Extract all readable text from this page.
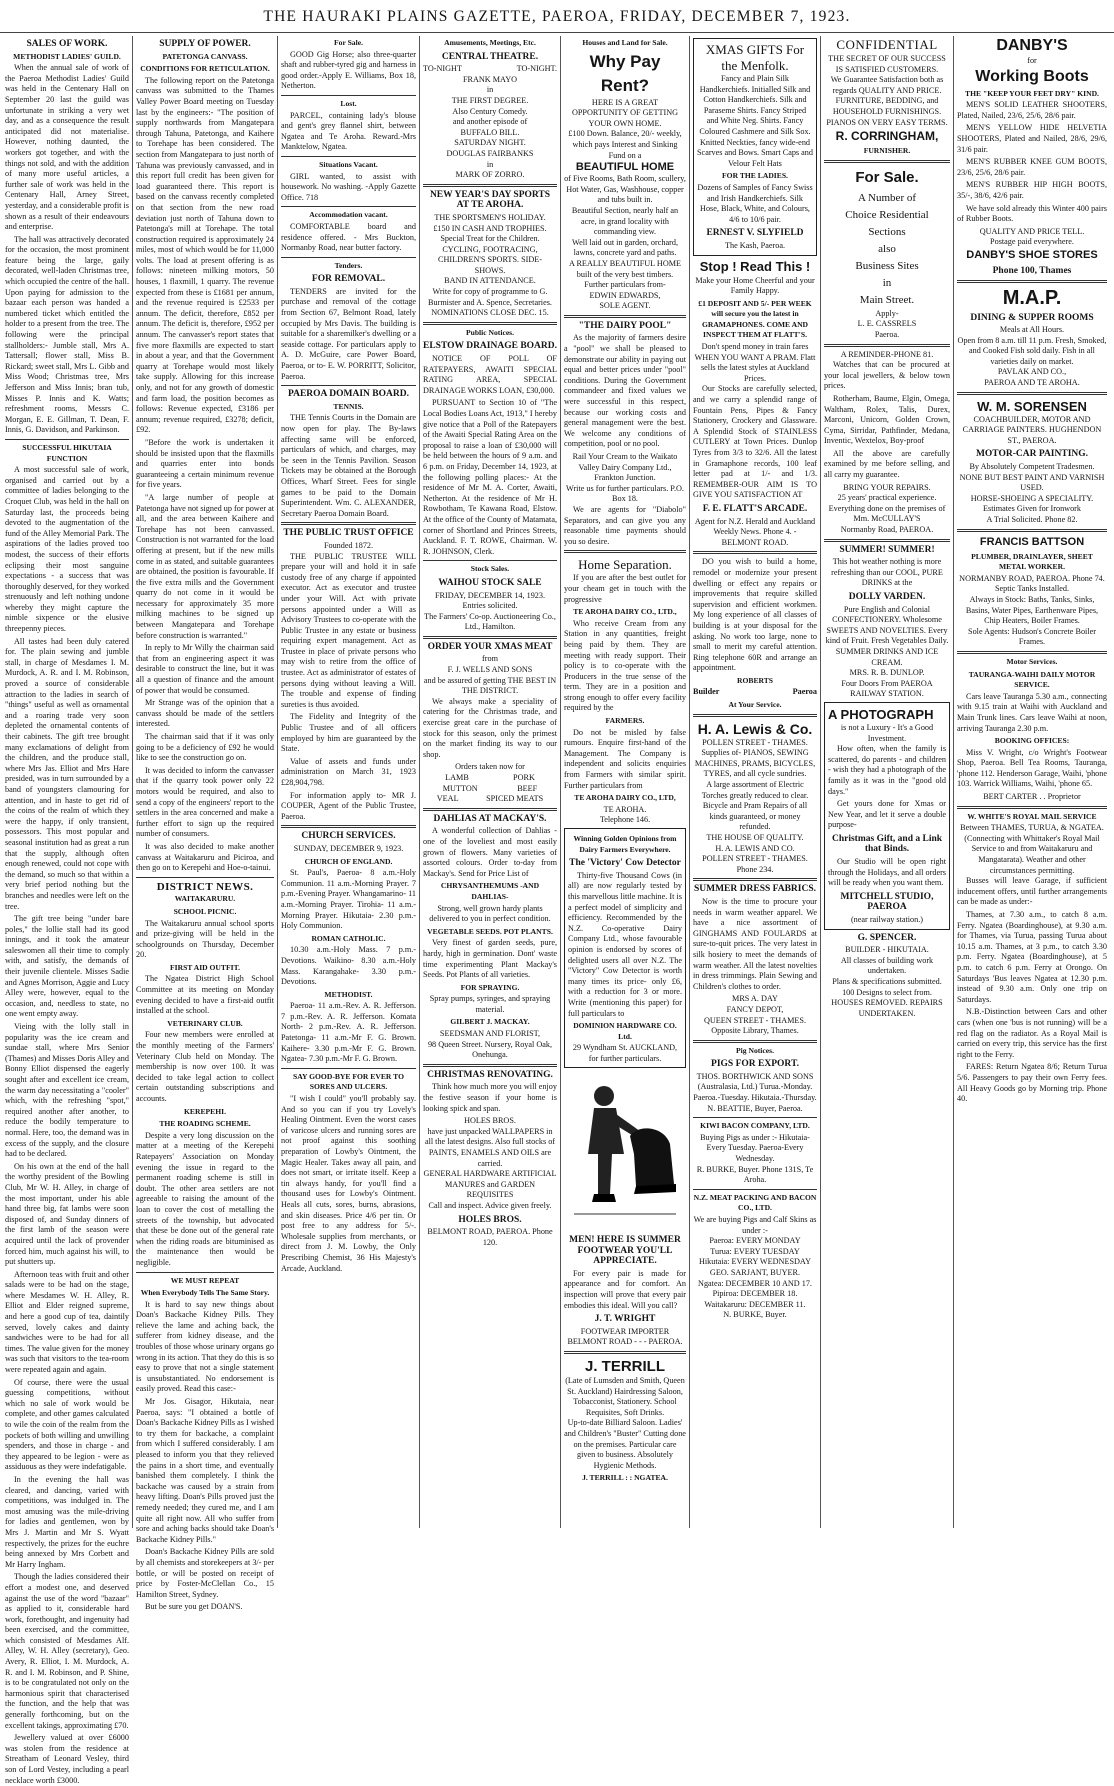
THE HAURAKI PLAINS GAZETTE, PAEROA, FRIDAY, DECEMBER 7, 1923.
SALES OF WORK.
METHODIST LADIES' GUILD.

When the annual sale of work of the Paeroa Methodist Ladies' Guild was held in the Centenary Hall on September 20 last the guild was unfortunate in striking a very wet day, and as a consequence the result anticipated did not materialise. However, nothing daunted, the workers got together, and with the things not sold, and with the addition of many more useful articles, a further sale of work was held in the Centenary Hall, Arney Street, yesterday, and a considerable profit is shown as a result of their endeavours and enterprise.

The hall was attractively decorated for the occasion, the most prominent feature being the large, gaily decorated, well-laden Christmas tree, which occupied the centre of the hall. Upon paying for admission to the bazaar each person was handed a numbered ticket which entitled the holder to a present from the tree. The following were the principal stallholders:- Jumble stall, Mrs A. Tattersall; flower stall, Miss B. Rickard; sweet stall, Mrs L. Gibb and Miss Wood; Christmas tree, Mrs Jefferson and Miss Innis; bran tub, Misses P. Innis and K. Watts; refreshment rooms, Messrs C. Morgan, E. E. Gillman, T. Dean, F. Innis, G. Davidson, and Parkinson.

SUCCESSFUL HIKUTAIA FUNCTION

A most successful sale of work, organised and carried out by a committee of ladies belonging to the Croquet Club, was held in the hall on Saturday last, the proceeds being devoted to the augmentation of the fund of the Alley Memorial Park. The aspirations of the ladies proved too modest, the success of their efforts eclipsing their most sanguine expectations - a success that was thoroughly deserved, for they worked strenuously and left nothing undone whereby they might capture the nimble sixpence or the elusive threepenny pieces.

All tastes had been duly catered for. The plain sewing and jumble stall, in charge of Mesdames I. M. Murdock, A. R. and I. M. Robinson, proved a source of considerable attraction to the ladies in search of "things" useful as well as ornamental and a roaring trade very soon depleted the ornamental contents of their cabinets. The gift tree brought many exclamations of delight from the children, and the produce stall, where Mrs Jas. Elliot and Mrs Hare presided, was in turn surrounded by a band of youngsters clamouring for attention, and in haste to get rid of the coins of the realm of which they were the happy, if only transient, possessors. This most popular and seasonal institution had as great a run that the supply, although often enough renewed, could not cope with the demand, so much so that within a very brief period nothing but the branches and needles were left on the tree.

The gift tree being "under bare poles," the lollie stall had its good innings, and it took the amateur saleswomen all their time to comply with, and satisfy, the demands of their juvenile clientele. Misses Sadie and Agnes Morrison, Aggie and Lucy Alley were, however, equal to the occasion, and, needless to state, no one went empty away.

Vieing with the lolly stall in popularity was the ice cream and sundae stall, where Mrs Senior (Thames) and Misses Doris Alley and Bonny Elliot dispensed the eagerly sought after and excellent ice cream, the warm day necessitating a "cooler" which, with the refreshing "spot," required another after another, to reduce the bodily temperature to normal. Here, too, the demand was in excess of the supply, and the closure had to be declared.

On his own at the end of the hall the worthy president of the Bowling Club, Mr W. H. Alley, in charge of the most important, under his able hand three big, fat lambs were soon disposed of, and Sunday dinners of the first lamb of the season were acquired until the lack of provender forced him, much against his will, to put shutters up.

Afternoon teas with fruit and other salads were to be had on the stage, where Mesdames W. H. Alley, R. Elliot and Elder reigned supreme, and here a good cup of tea, daintily served, lovely cakes and dainty sandwiches were to be had for all times. The value given for the money was such that visitors to the tea-room were repeated again and again.

Of course, there were the usual guessing competitions, without which no sale of work would be complete, and other games calculated to wile the coin of the realm from the pockets of both willing and unwilling spenders, and those in charge - and they appeared to be legion - were as assiduous as they were indefatigable.

In the evening the hall was cleared, and dancing, varied with competitions, was indulged in. The most amusing was the mile-driving for ladies and gentlemen, won by Mrs J. Martin and Mr S. Wyatt respectively, the prizes for the euchre being annexed by Mrs Corbett and Mr Harry Ingham.

Though the ladies considered their effort a modest one, and deserved against the use of the word "bazaar" as applied to it, considerable hard work, forethought, and ingenuity had been exercised, and the committee, which consisted of Mesdames Alf. Alley, W. H. Alley (secretary), Geo. Avery, R. Elliot, I. M. Murdock, A. R. and I. M. Robinson, and P. Shine, is to be congratulated not only on the harmonious spirit that characterised the function, and the help that was generally forthcoming, but on the excellent takings, approximating £70.

Jewellery valued at over £6000 was stolen from the residence at Streatham of Leonard Vesley, third son of Lord Vestey, including a pearl necklace worth £3000.

SUPPLY OF POWER.
PATETONGA CANVASS.
CONDITIONS FOR RETICULATION.

The following report on the Patetonga canvass was submitted to the Thames Valley Power Board meeting on Tuesday last by the engineers:- "The position of supply northwards from Mangatepara through Tahuna, Patetonga, and Kaihere to Torehape has been considered. The section from Mangatepara to just north of Tahuna was previously canvassed, and in this report full credit has been given for load guaranteed there. This report is based on the canvass recently completed on that section from the new road deviation just north of Tahuna down to Patetonga's mill at Torehape. The total construction required is approximately 24 miles, most of which would be for 11,000 volts. The load at present offering is as follows: nineteen milking motors, 50 houses, 1 flaxmill, 1 quarry. The revenue expected from these is £1681 per annum, and the revenue required is £2533 per annum. The deficit, therefore, £852 per annum. The deficit is, therefore, £952 per annum. The canvasser's report states that five more flaxmills are expected to start in about a year, and that the Government quarry at Torehape would most likely take supply. Allowing for this increase only, and not for any growth of domestic and farm load, the position becomes as follows: Revenue expected, £3186 per annum; revenue required, £3278; deficit, £92.

"Before the work is undertaken it should be insisted upon that the flaxmills and quarries enter into bonds guaranteeing a certain minimum revenue for five years.

"A large number of people at Patetonga have not signed up for power at all, and the area between Kaihere and Torehape has not been canvassed. Construction is not warranted for the load offering at present, but if the new mills come in as stated, and suitable guarantees are obtained, the position is favourable. If the five extra mills and the Government quarry do not come in it would be necessary for approximately 35 more milking machines to be signed up between Mangatepara and Torehape before construction is warranted."

In reply to Mr Willy the chairman said that from an engineering aspect it was desirable to construct the line, but it was all a question of finance and the amount of power that would be consumed.

Mr Strange was of the opinion that a canvass should be made of the settlers interested.

The chairman said that if it was only going to be a deficiency of £92 he would like to see the construction go on.

It was decided to inform the canvasser that if the quarry took power only 22 motors would be required, and also to send a copy of the engineers' report to the settlers in the area concerned and make a further effort to sign up the required number of consumers.

It was also decided to make another canvass at Waitakaruru and Piciroa, and then go on to Kerepehi and Hoe-o-tainui.

DISTRICT NEWS.
WAITAKARURU.
SCHOOL PICNIC.

The Waitakaruru annual school sports and prize-giving will be held in the schoolgrounds on Thursday, December 20.

FIRST AID OUTFIT.

The Ngatea District High School Committee at its meeting on Monday evening decided to have a first-aid outfit installed at the school.

VETERINARY CLUB.

Four new members were enrolled at the monthly meeting of the Farmers' Veterinary Club held on Monday. The membership is now over 100. It was decided to take legal action to collect certain outstanding subscriptions and accounts.

KEREPEHI.
THE ROADING SCHEME.

Despite a very long discussion on the matter at a meeting of the Kerepehi Ratepayers' Association on Monday evening the issue in regard to the permanent roading scheme is still in doubt. The other area settlers are not agreeable to raising the amount of the loan to cover the cost of metalling the streets of the township, but advocated that these be done out of the general rate when the riding roads are bituminised as the maintenance then would be negligible.

WE MUST REPEAT
When Everybody Tells The Same Story.

It is hard to say new things about Doan's Backache Kidney Pills. They relieve the lame and aching back, the sufferer from kidney disease, and the troubles of those whose urinary organs go wrong in its action. That they do this is so easy to prove that not a single statement is unsubstantiated. No endorsement is easily proved. Read this case:-

Mr Jos. Gisagor, Hikutaia, near Paeroa, says: "I obtained a bottle of Doan's Backache Kidney Pills as I wished to try them for backache, a complaint from which I suffered considerably. I am pleased to inform you that they relieved the pains in a short time, and eventually banished them completely. I think the backache was caused by a strain from heavy lifting. Doan's Pills proved just the remedy needed; they cured me, and I am quite all right now. All who suffer from sore and aching backs should take Doan's Backache Kidney Pills."

Doan's Backache Kidney Pills are sold by all chemists and storekeepers at 3/- per bottle, or will be posted on receipt of price by Foster-McClellan Co., 15 Hamilton Street, Sydney.

But be sure you get DOAN'S.

For Sale.

GOOD Gig Horse; also three-quarter shaft and rubber-tyred gig and harness in good order.-Apply E. Williams, Box 18, Netherton.

Lost.

PARCEL, containing lady's blouse and gent's grey flannel shirt, between Ngatea and Te Aroha. Reward.-Mrs Manktelow, Ngatea.

Situations Vacant.

GIRL wanted, to assist with housework. No washing. -Apply Gazette Office. 718

Accommodation vacant.

COMFORTABLE board and residence offered. - Mrs Buckton, Normanby Road, near butter factory.

Tenders.
FOR REMOVAL.

TENDERS are invited for the purchase and removal of the cottage from Section 67, Belmont Road, lately occupied by Mrs Davis. The building is suitable for a sharemilker's dwelling or a seaside cottage. For particulars apply to A. D. McGuire, care Power Board, Paeroa, or to- E. W. PORRITT, Solicitor, Paeroa.

PAEROA DOMAIN BOARD.
TENNIS.

THE Tennis Courts in the Domain are now open for play. The By-laws affecting same will be enforced, particulars of which, and charges, may be seen in the Tennis Pavilion. Season Tickets may be obtained at the Borough Offices, Wharf Street. Fees for single games to be paid to the Domain Superintendent. Wm. C. ALEXANDER, Secretary Paeroa Domain Board.

THE PUBLIC TRUST OFFICE
Founded 1872.

THE PUBLIC TRUSTEE WILL prepare your will and hold it in safe custody free of any charge if appointed executor. Act as executor and trustee under your Will. Act with private persons appointed under a Will as Advisory Trustees to co-operate with the Public Trustee in any estate or business requiring expert management. Act as Trustee in place of private persons who may wish to retire from the office of trustee. Act as administrator of estates of persons dying without leaving a Will. The trouble and expense of finding sureties is thus avoided.

The Fidelity and Integrity of the Public Trustee and of all officers employed by him are guaranteed by the State.

Value of assets and funds under administration on March 31, 1923 £28,904,798.

For information apply to- MR J. COUPER, Agent of the Public Trustee, Paeroa.

CHURCH SERVICES.
SUNDAY, DECEMBER 9, 1923.
CHURCH OF ENGLAND.

St. Paul's, Paeroa- 8 a.m.-Holy Communion. 11 a.m.-Morning Prayer. 7 p.m.-Evening Prayer. Whangamarino- 11 a.m.-Morning Prayer. Tirohia- 11 a.m.-Morning Prayer. Hikutaia- 2.30 p.m.-Holy Communion.

ROMAN CATHOLIC.

10.30 a.m.-Holy Mass. 7 p.m.-Devotions. Waikino- 8.30 a.m.-Holy Mass. Karangahake- 3.30 p.m.-Devotions.

METHODIST.

Paeroa- 11 a.m.-Rev. A. R. Jefferson. 7 p.m.-Rev. A. R. Jefferson. Komata North- 2 p.m.-Rev. A. R. Jefferson. Patetonga- 11 a.m.-Mr F. G. Brown. Kaihere- 3.30 p.m.-Mr F. G. Brown. Ngatea- 7.30 p.m.-Mr F. G. Brown.

SAY GOOD-BYE FOR EVER TO SORES AND ULCERS.

"I wish I could" you'll probably say. And so you can if you try Lovely's Healing Ointment. Even the worst cases of varicose ulcers and running sores are not proof against this soothing preparation of Lowby's Ointment, the Magic Healer. Takes away all pain, and does not smart, or irritate itself. Keep a tin always handy, for you'll find a thousand uses for Lowby's Ointment. Heals all cuts, sores, burns, abrasions, and skin diseases. Price 4/6 per tin. Or post free to any address for 5/-. Wholesale supplies from merchants, or direct from J. M. Lowby, the Only Prescribing Chemist, 36 His Majesty's Arcade, Auckland.

Amusements, Meetings, Etc.
CENTRAL THEATRE.
TO-NIGHT	TO-NIGHT.
FRANK MAYO
in
THE FIRST DEGREE.
Also Century Comedy.
and another episode of
BUFFALO BILL.
SATURDAY NIGHT.
DOUGLAS FAIRBANKS
in
MARK OF ZORRO.
NEW YEAR'S DAY SPORTS AT TE AROHA.
THE SPORTSMEN'S HOLIDAY.
£150 IN CASH AND TROPHIES.
Special Treat for the Children.
CYCLING, FOOTRACING, CHILDREN'S SPORTS. SIDE-SHOWS.
BAND IN ATTENDANCE.
Write for copy of programme to G. Burmister and A. Spence, Secretaries.
NOMINATIONS CLOSE DEC. 15.
Public Notices.
ELSTOW DRAINAGE BOARD.

NOTICE OF POLL OF RATEPAYERS, AWAITI SPECIAL RATING AREA, SPECIAL DRAINAGE WORKS LOAN, £30,000.

PURSUANT to Section 10 of "The Local Bodies Loans Act, 1913," I hereby give notice that a Poll of the Ratepayers of the Awaiti Special Rating Area on the proposal to raise a loan of £30,000 will be held between the hours of 9 a.m. and 6 p.m. on Friday, December 14, 1923, at the following polling places:- At the residence of Mr M. A. Corter, Awaiti, Netherton. At the residence of Mr H. Rowbotham, Te Kawana Road, Elstow. At the office of the County of Matamata, corner of Shortland and Princes Streets, Auckland. F. T. ROWE, Chairman. W. R. JOHNSON, Clerk.

Stock Sales.
WAIHOU STOCK SALE
FRIDAY, DECEMBER 14, 1923.
Entries solicited.
The Farmers' Co-op. Auctioneering Co., Ltd., Hamilton.
ORDER YOUR XMAS MEAT
from
F. J. WELLS AND SONS
and be assured of getting THE BEST IN THE DISTRICT.

We always make a speciality of catering for the Christmas trade, and exercise great care in the purchase of stock for this season, only the primest on the market finding its way to our shop.

Orders taken now for
LAMB	PORK
MUTTON	BEEF
VEAL	SPICED MEATS
DAHLIAS AT MACKAY'S.

A wonderful collection of Dahlias -one of the loveliest and most easily grown of flowers. Many varieties of assorted colours. Order to-day from Mackay's. Send for Price List of

CHRYSANTHEMUMS -AND DAHLIAS-
Strong, well grown hardy plants delivered to you in perfect condition.
VEGETABLE SEEDS. POT PLANTS.

Very finest of garden seeds, pure, hardy, high in germination. Dont' waste time experimenting Plant Mackay's Seeds. Pot Plants of all varieties.

FOR SPRAYING.
Spray pumps, syringes, and spraying material.
GILBERT J. MACKAY.
SEEDSMAN AND FLORIST,
98 Queen Street. Nursery, Royal Oak, Onehunga.
CHRISTMAS RENOVATING.

Think how much more you will enjoy the festive season if your home is looking spick and span.

HOLES BROS.
have just unpacked WALLPAPERS in all the latest designs. Also full stocks of PAINTS, ENAMELS AND OILS are carried.
GENERAL HARDWARE ARTIFICIAL MANURES and GARDEN REQUISITES
Call and inspect. Advice given freely.
HOLES BROS.
BELMONT ROAD, PAEROA. Phone 120.
Houses and Land for Sale.
Why Pay Rent?
HERE IS A GREAT OPPORTUNITY OF GETTING YOUR OWN HOME.
£100 Down. Balance, 20/- weekly, which pays Interest and Sinking Fund on a
BEAUTIFUL HOME
of Five Rooms, Bath Room, scullery, Hot Water, Gas, Washhouse, copper and tubs built in.
Beautiful Section, nearly half an acre, in grand locality with commanding view.
Well laid out in garden, orchard, lawns, concrete yard and paths.
A REALLY BEAUTIFUL HOME built of the very best timbers.
Further particulars from-
EDWIN EDWARDS,
SOLE AGENT.
"THE DAIRY POOL"

As the majority of farmers desire a "pool" we shall be pleased to demonstrate our ability in paying out equal and better prices under "pool" conditions. During the Government commandeer and fixed values we were successful in this respect, because our working costs and general management were the best. We welcome any conditions of competition, pool or no pool.

Rail Your Cream to the Waikato Valley Dairy Company Ltd., Frankton Junction.
Write us for further particulars. P.O. Box 18.

We are agents for "Diabolo" Separators, and can give you any reasonable time payments should you so desire.

Home Separation.

If you are after the best outlet for your cheam get in touch with the progressive

TE AROHA DAIRY CO., LTD.,

Who receive Cream from any Station in any quantities, freight being paid by them. They are meeting with ready support. Their policy is to co-operate with the Producers in the true sense of the term. They are in a position and strong enough to offer every facility required by the

FARMERS.

Do not be misled by false rumours. Enquire first-hand of the Management. The Company is independent and solicits enquiries from Farmers with similar spirit. Further particulars from

TE AROHA DAIRY CO., LTD,
TE AROHA.
Telephone 146.
Winning Golden Opinions from Dairy Farmers Everywhere.
The 'Victory' Cow Detector

Thirty-five Thousand Cows (in all) are now regularly tested by this marvellous little machine. It is a perfect model of simplicity and efficiency. Recommended by the N.Z. Co-operative Dairy Company Ltd., whose favourable opinion is endorsed by scores of delighted users all over N.Z. The "Victory" Cow Detector is worth many times its price- only £6, with a reduction for 3 or more. Write (mentioning this paper) for full particulars to

DOMINION HARDWARE CO. Ltd.
29 Wyndham St. AUCKLAND, for further particulars.
MEN! HERE IS SUMMER FOOTWEAR YOU'LL APPRECIATE.

For every pair is made for appearance and for comfort. An inspection will prove that every pair embodies this ideal. Will you call?

J. T. WRIGHT
FOOTWEAR IMPORTER
BELMONT ROAD - - - PAEROA.
J. TERRILL
(Late of Lumsden and Smith, Queen St. Auckland) Hairdressing Saloon, Tobacconist, Stationery. School Requisites, Soft Drinks.
Up-to-date Billiard Saloon. Ladies' and Children's "Buster" Cutting done on the premises. Particular care given to business. Absolutely Hygienic Methods.
J. TERRILL : : NGATEA.
XMAS GIFTS For the Menfolk.
Fancy and Plain Silk Handkerchiefs. Initialled Silk and Cotton Handkerchiefs. Silk and Paraseme Shirts. Fancy Striped and White Neg. Shirts. Fancy Coloured Cashmere and Silk Sox. Knitted Neckties, fancy wide-end Scarves and Bows. Smart Caps and Velour Felt Hats
FOR THE LADIES.
Dozens of Samples of Fancy Swiss and Irish Handkerchiefs. Silk Hose, Black, White, and Colours, 4/6 to 10/6 pair.
ERNEST V. SLYFIELD
The Kash, Paeroa.
Stop ! Read This !
Make your Home Cheerful and your Family Happy.
£1 DEPOSIT AND 5/- PER WEEK will secure you the latest in GRAMAPHONES. COME AND INSPECT THEM AT FLATT'S.
Don't spend money in train fares WHEN YOU WANT A PRAM. Flatt sells the latest styles at Auckland Prices.

Our Stocks are carefully selected, and we carry a splendid range of Fountain Pens, Pipes & Fancy Stationery, Crockery and Glassware. A Splendid Stock of STAINLESS CUTLERY at Town Prices. Dunlop Tyres from 3/3 to 32/6. All the latest in Gramaphone records, 100 leaf letter pad at 1/- and 1/3. REMEMBER-OUR AIM IS TO GIVE YOU SATISFACTION AT

F. E. FLATT'S ARCADE.
Agent for N.Z. Herald and Auckland Weekly News. Phone 4. - BELMONT ROAD.

DO you wish to build a home, remodel or modernize your present dwelling or effect any repairs or improvements that require skilled supervision and efficient workmen. My long experience of all classes of building is at your disposal for the asking. No work too large, none to small to merit my careful attention. Ring telephone 60R and arrange an appointment.

ROBERTS
Builder	Paeroa
At Your Service.
H. A. Lewis & Co.
POLLEN STREET - THAMES.
Supplies of- PIANOS, SEWING MACHINES, PRAMS, BICYCLES, TYRES, and all cycle sundries.
A large assortment of Electric Torches greatly reduced to clear.
Bicycle and Pram Repairs of all kinds guaranteed, or money refunded.
THE HOUSE OF QUALITY.
H. A. LEWIS AND CO.
POLLEN STREET - THAMES.
Phone 234.
SUMMER DRESS FABRICS.

Now is the time to procure your needs in warm weather apparel. We have a nice assortment of GINGHAMS AND FOULARDS at sure-to-quit prices. The very latest in silk hosiery to meet the demands of warm weather. All the latest novelties in dress trimmings. Plain Sewing and Children's clothes to order.

MRS A. DAY
FANCY DEPOT,
QUEEN STREET - THAMES.
Opposite Library, Thames.
Pig Notices.
PIGS FOR EXPORT.
THOS. BORTHWICK AND SONS (Australasia, Ltd.) Turua.-Monday. Paeroa.-Tuesday. Hikutaia.-Thursday.
N. BEATTIE, Buyer, Paeroa.
KIWI BACON COMPANY, LTD.
Buying Pigs as under :- Hikutaia-Every Tuesday. Paeroa-Every Wednesday.
R. BURKE, Buyer. Phone 131S, Te Aroha.
N.Z. MEAT PACKING AND BACON CO., LTD.
We are buying Pigs and Calf Skins as under :-
Paeroa: EVERY MONDAY
Turua: EVERY TUESDAY
Hikutaia: EVERY WEDNESDAY
GEO. SARJANT, BUYER.
Ngatea: DECEMBER 10 AND 17.
Pipiroa: DECEMBER 18.
Waitakaruru: DECEMBER 11.
N. BURKE, Buyer.
CONFIDENTIAL
THE SECRET OF OUR SUCCESS IS SATISFIED CUSTOMERS.
We Guarantee Satisfaction both as regards QUALITY AND PRICE.
FURNITURE, BEDDING, and HOUSEHOLD FURNISHINGS.
PIANOS ON VERY EASY TERMS.
R. CORRINGHAM,
FURNISHER.
For Sale.
A Number of
Choice Residential
Sections
also
Business Sites
in
Main Street.
Apply-
L. E. CASSRELS
Paeroa.
A REMINDER-PHONE 81.

Watches that can be procured at your local jewellers, & below town prices.

Rotherham, Baume, Elgin, Omega, Waltham, Rolex, Talis, Durex, Marconi, Unicorn, Golden Crown, Cyma, Sirridar, Pathfinder, Medana, Inventic, Wextelox, Boy-proof

All the above are carefully examined by me before selling, and all carry my guarantee.

BRING YOUR REPAIRS.
25 years' practical experience.
Everything done on the premises of
Mm. McCULLAY'S
Normanby Road, PAEROA.
SUMMER! SUMMER!
This hot weather nothing is more refreshing than our COOL, PURE DRINKS at the
DOLLY VARDEN.
Pure English and Colonial CONFECTIONERY. Wholesome SWEETS AND NOVELTIES. Every kind of Fruit. Fresh Vegetables Daily.
SUMMER DRINKS AND ICE CREAM.
MRS. R. B. DUNLOP.
Four Doors From PAEROA RAILWAY STATION.
A PHOTOGRAPH
is not a Luxury - It's a Good Investment.

How often, when the family is scattered, do parents - and children - wish they had a photograph of the family as it was in the "good old days."

Get yours done for Xmas or New Year, and let it serve a double purpose-

Christmas Gift, and a Link that Binds.

Our Studio will be open right through the Holidays, and all orders will be ready when you want them.

MITCHELL STUDIO, PAEROA
(near railway station.)
G. SPENCER.
BUILDER - HIKUTAIA.
All classes of building work undertaken.
Plans & specifications submitted.
100 Designs to select from.
HOUSES REMOVED. REPAIRS UNDERTAKEN.
DANBY'S
for
Working Boots
THE "KEEP YOUR FEET DRY" KIND.

MEN'S SOLID LEATHER SHOOTERS, Plated, Nailed, 23/6, 25/6, 28/6 pair.

MEN'S YELLOW HIDE HELVETIA SHOOTERS, Plated and Nailed, 28/6, 29/6, 31/6 pair.

MEN'S RUBBER KNEE GUM BOOTS, 23/6, 25/6, 28/6 pair.

MEN'S RUBBER HIP HIGH BOOTS, 35/-, 38/6, 42/6 pair.

We have sold already this Winter 400 pairs of Rubber Boots.

QUALITY AND PRICE TELL.
Postage paid everywhere.
DANBY'S SHOE STORES
Phone 100, Thames
M.A.P.
DINING & SUPPER ROOMS
Meals at All Hours.
Open from 8 a.m. till 11 p.m. Fresh, Smoked, and Cooked Fish sold daily. Fish in all varieties daily on market.
PAVLAK AND CO.,
PAEROA AND TE AROHA.
W. M. SORENSEN
COACHBUILDER, MOTOR AND CARRIAGE PAINTERS. HUGHENDON ST., PAEROA.
MOTOR-CAR PAINTING.
By Absolutely Competent Tradesmen.
NONE BUT BEST PAINT AND VARNISH USED.
HORSE-SHOEING A SPECIALITY.
Estimates Given for Ironwork
A Trial Solicited. Phone 82.
FRANCIS BATTSON
PLUMBER, DRAINLAYER, SHEET METAL WORKER.
NORMANBY ROAD, PAEROA. Phone 74.
Septic Tanks Installed.
Always in Stock: Baths, Tanks, Sinks, Basins, Water Pipes, Earthenware Pipes, Chip Heaters, Boiler Frames.
Sole Agents: Hudson's Concrete Boiler Frames.
Motor Services.
TAURANGA-WAIHI DAILY MOTOR SERVICE.

Cars leave Tauranga 5.30 a.m., connecting with 9.15 train at Waihi with Auckland and Main Trunk lines. Cars leave Waihi at noon, arriving Tauranga 2.30 p.m.

BOOKING OFFICES:

Miss V. Wright, c/o Wright's Footwear Shop, Paeroa. Bell Tea Rooms, Tauranga, 'phone 112. Henderson Garage, Waihi, 'phone 103. Warrick Williams, Waihi, 'phone 65.

BERT CARTER . . Proprietor
W. WHITE'S ROYAL MAIL SERVICE
Between THAMES, TURUA, & NGATEA. (Connecting with Whittaker's Royal Mail Service to and from Waitakaruru and Mangatarata). Weather and other circumstances permitting.

Busses will leave Garage, if sufficient inducement offers, until further arrangements can be made as under:-

Thames, at 7.30 a.m., to catch 8 a.m. Ferry. Ngatea (Boardinghouse), at 9.30 a.m. for Thames, via Turua, passing Turua about 10.15 a.m. Thames, at 3 p.m., to catch 3.30 p.m. Ferry. Ngatea (Boardinghouse), at 5 p.m. to catch 6 p.m. Ferry at Orongo. On Saturdays 'Bus leaves Ngatea at 12.30 p.m. instead of 9.30 a.m. Only one trip on Saturdays.

N.B.-Distinction between Cars and other cars (when one 'bus is not running) will be a red flag on the radiator. As a Royal Mail is carried on every trip, this service has the first right to the Ferry.

FARES: Return Ngatea 8/6; Return Turua 5/6. Passengers to pay their own Ferry fees. All Heavy Goods go by Morning trip. Phone 40.
